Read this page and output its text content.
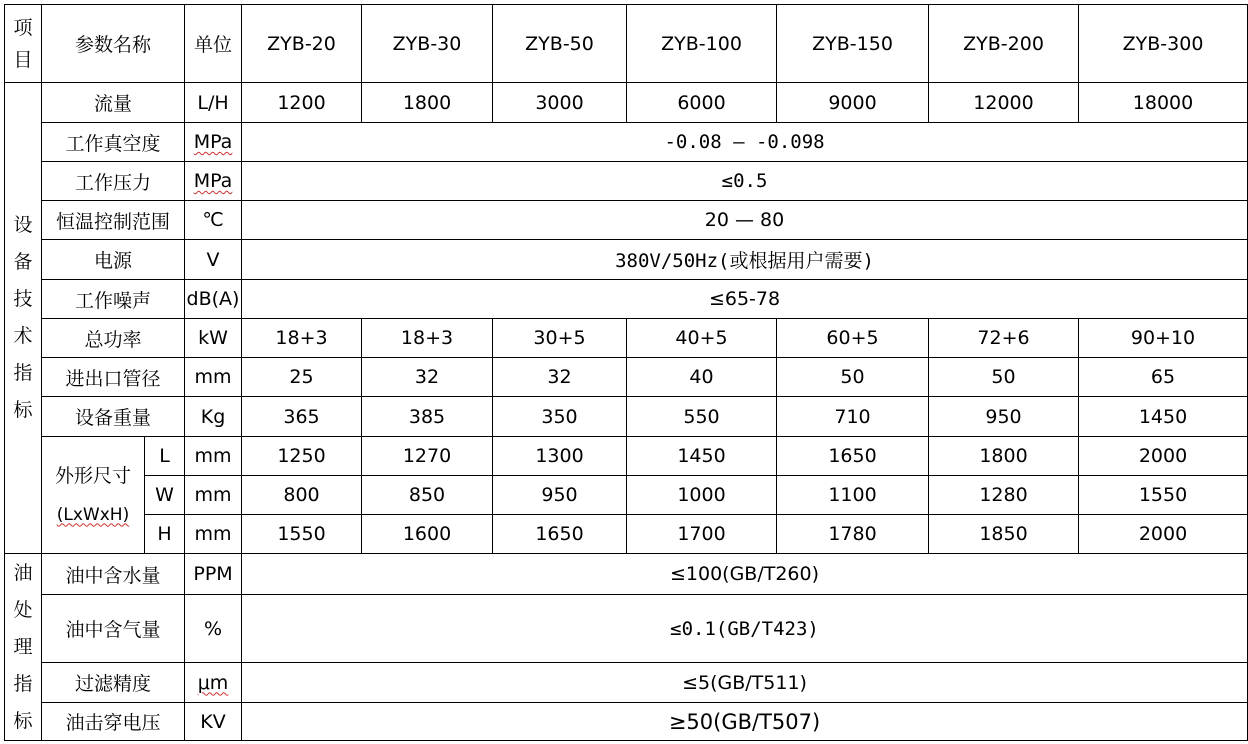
项目	参数名称		单位	ZYB-20	ZYB-30	ZYB-50	ZYB-100	ZYB-150	ZYB-200	ZYB-300

设备技术指标	流量		L/H	1200	1800	3000	6000	9000	12000	18000
	工作真空度		MPa	-0.08 — -0.098						
	工作压力		MPa	≤0.5						
	恒温控制范围		℃	20 — 80						
	电源		V	380V/50Hz(或根据用户需要)						
	工作噪声		dB(A)	≤65-78						
	总功率		kW	18+3	18+3	30+5	40+5	60+5	72+6	90+10
	进出口管径		mm	25	32	32	40	50	50	65
	设备重量		Kg	365	385	350	550	710	950	1450

	外形尺寸
(LxWxH)	L	mm	1250	1270	1300	1450	1650	1800	2000
		W	mm	800	850	950	1000	1100	1280	1550
		H	mm	1550	1600	1650	1700	1780	1850	2000

油处理指标	油中含水量		PPM	≤100(GB/T260)						
	油中含气量		%	≤0.1(GB/T423)						
	过滤精度		μm	≤5(GB/T511)						
	油击穿电压		KV	≥50(GB/T507)						
